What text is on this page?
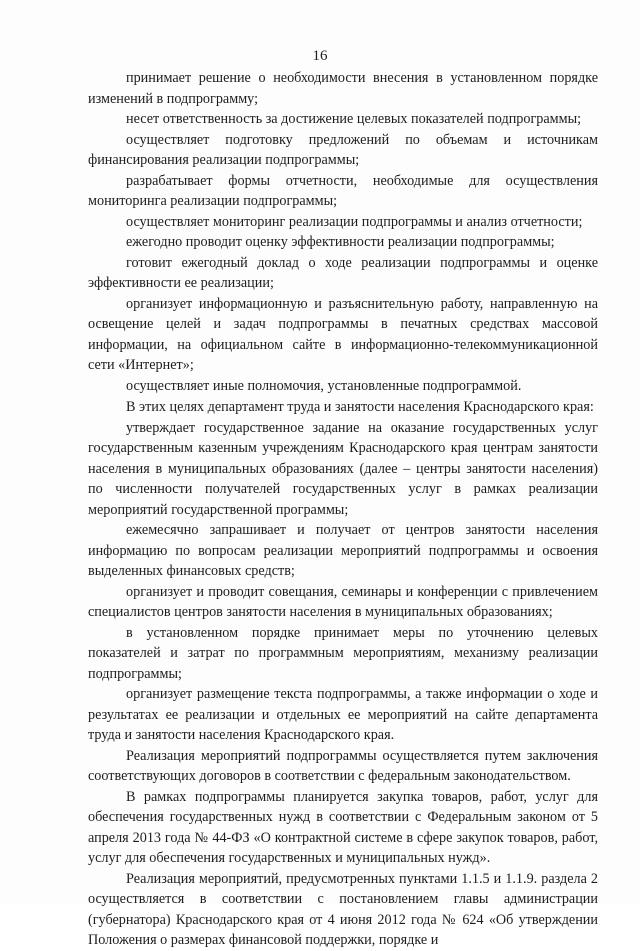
16

принимает решение о необходимости внесения в установленном порядке изменений в подпрограмму;

несет ответственность за достижение целевых показателей подпрограммы;

осуществляет подготовку предложений по объемам и источникам финансирования реализации подпрограммы;

разрабатывает формы отчетности, необходимые для осуществления мониторинга реализации подпрограммы;

осуществляет мониторинг реализации подпрограммы и анализ отчетности;

ежегодно проводит оценку эффективности реализации подпрограммы;

готовит ежегодный доклад о ходе реализации подпрограммы и оценке эффективности ее реализации;

организует информационную и разъяснительную работу, направленную на освещение целей и задач подпрограммы в печатных средствах массовой информации, на официальном сайте в информационно-телекоммуникационной сети «Интернет»;

осуществляет иные полномочия, установленные подпрограммой.

В этих целях департамент труда и занятости населения Краснодарского края:

утверждает государственное задание на оказание государственных услуг государственным казенным учреждениям Краснодарского края центрам занятости населения в муниципальных образованиях (далее – центры занятости населения) по численности получателей государственных услуг в рамках реализации мероприятий государственной программы;

ежемесячно запрашивает и получает от центров занятости населения информацию по вопросам реализации мероприятий подпрограммы и освоения выделенных финансовых средств;

организует и проводит совещания, семинары и конференции с привлечением специалистов центров занятости населения в муниципальных образованиях;

в установленном порядке принимает меры по уточнению целевых показателей и затрат по программным мероприятиям, механизму реализации подпрограммы;

организует размещение текста подпрограммы, а также информации о ходе и результатах ее реализации и отдельных ее мероприятий на сайте департамента труда и занятости населения Краснодарского края.

Реализация мероприятий подпрограммы осуществляется путем заключения соответствующих договоров в соответствии с федеральным законодательством.

В рамках подпрограммы планируется закупка товаров, работ, услуг для обеспечения государственных нужд в соответствии с Федеральным законом от 5 апреля 2013 года № 44-ФЗ «О контрактной системе в сфере закупок товаров, работ, услуг для обеспечения государственных и муниципальных нужд».

Реализация мероприятий, предусмотренных пунктами 1.1.5 и 1.1.9. раздела 2 осуществляется в соответствии с постановлением главы администрации (губернатора) Краснодарского края от 4 июня 2012 года № 624 «Об утверждении Положения о размерах финансовой поддержки, порядке и
